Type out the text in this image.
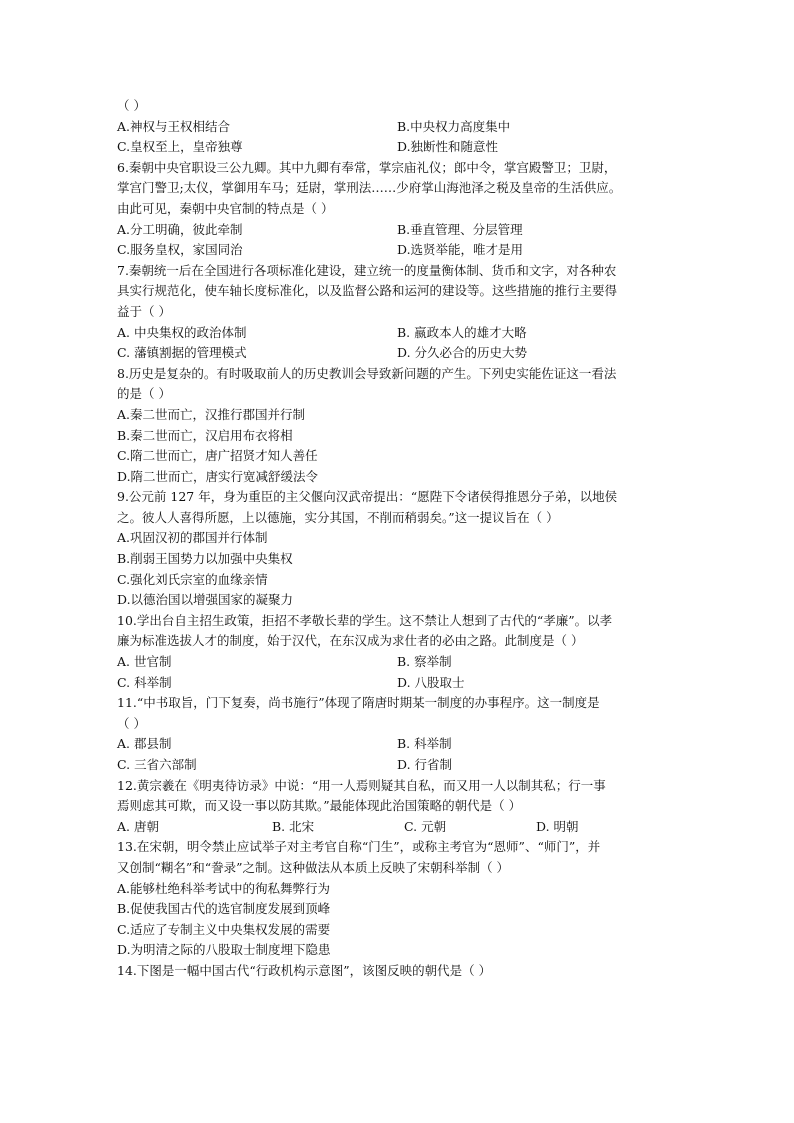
（ ）
A.神权与王权相结合	B.中央权力高度集中
C.皇权至上，皇帝独尊	D.独断性和随意性
6.秦朝中央官职设三公九卿。其中九卿有奉常，掌宗庙礼仪；郎中令，掌宫殿警卫；卫尉，
掌宫门警卫;太仪，掌御用车马；廷尉，掌刑法……少府掌山海池泽之税及皇帝的生活供应。
由此可见，秦朝中央官制的特点是（ ）
A.分工明确，彼此牵制	B.垂直管理、分层管理
C.服务皇权，家国同治	D.选贤举能，唯才是用
7.秦朝统一后在全国进行各项标准化建设，建立统一的度量衡体制、货币和文字，对各种农
具实行规范化，使车轴长度标准化，以及监督公路和运河的建设等。这些措施的推行主要得
益于（ ）
A. 中央集权的政治体制	B. 嬴政本人的雄才大略
C. 藩镇割据的管理模式	D. 分久必合的历史大势
8.历史是复杂的。有时吸取前人的历史教训会导致新问题的产生。下列史实能佐证这一看法
的是（ ）
A.秦二世而亡，汉推行郡国并行制
B.秦二世而亡，汉启用布衣将相
C.隋二世而亡，唐广招贤才知人善任
D.隋二世而亡，唐实行宽减舒缓法令
9.公元前 127 年，身为重臣的主父偃向汉武帝提出：“愿陛下令诸侯得推恩分子弟，以地侯
之。彼人人喜得所愿，上以德施，实分其国，不削而稍弱矣。”这一提议旨在（ ）
A.巩固汉初的郡国并行体制
B.削弱王国势力以加强中央集权
C.强化刘氏宗室的血缘亲情
D.以德治国以增强国家的凝聚力
10.学出台自主招生政策，拒招不孝敬长辈的学生。这不禁让人想到了古代的“孝廉”。以孝
廉为标准选拔人才的制度，始于汉代，在东汉成为求仕者的必由之路。此制度是（ ）
A. 世官制	B. 察举制
C. 科举制	D. 八股取士
11.“中书取旨，门下复奏，尚书施行”体现了隋唐时期某一制度的办事程序。这一制度是
（ ）
A. 郡县制	B. 科举制
C. 三省六部制	D. 行省制
12.黄宗羲在《明夷待访录》中说：“用一人焉则疑其自私，而又用一人以制其私；行一事
焉则虑其可欺，而又设一事以防其欺。”最能体现此治国策略的朝代是（ ）
A. 唐朝	B. 北宋	C. 元朝	D. 明朝
13.在宋朝，明令禁止应试举子对主考官自称“门生”，或称主考官为“恩师”、“师门”，并
又创制“糊名”和“誊录”之制。这种做法从本质上反映了宋朝科举制（ ）
A.能够杜绝科举考试中的徇私舞弊行为
B.促使我国古代的选官制度发展到顶峰
C.适应了专制主义中央集权发展的需要
D.为明清之际的八股取士制度埋下隐患
14.下图是一幅中国古代“行政机构示意图”，该图反映的朝代是（ ）
